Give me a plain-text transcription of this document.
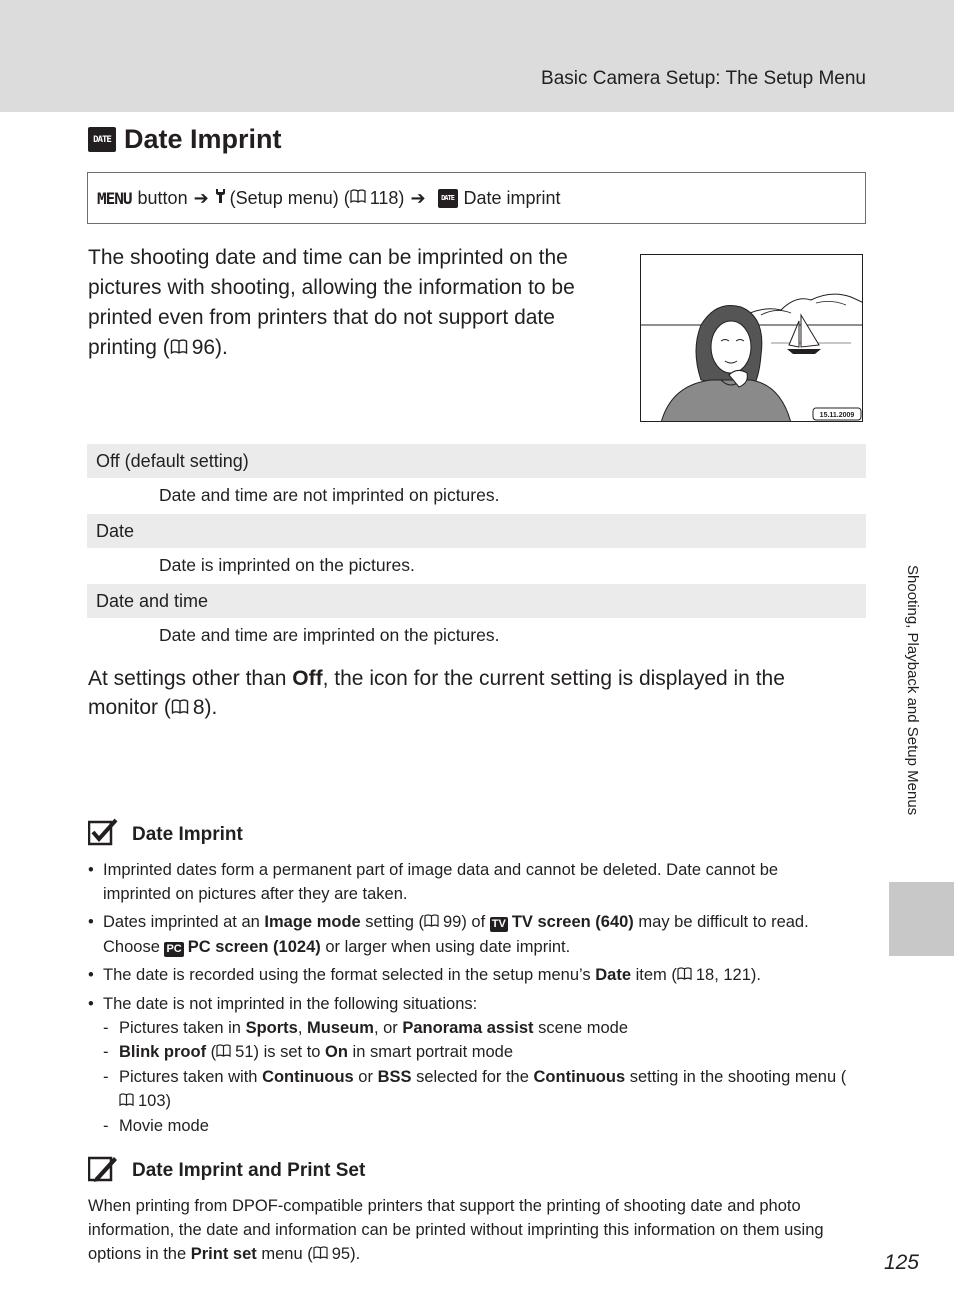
Basic Camera Setup: The Setup Menu
Shooting, Playback and Setup Menus
DATE Date Imprint
MENU button ➔ (Setup menu) ( 118) ➔	DATE Date imprint
The shooting date and time can be imprinted on the pictures with shooting, allowing the information to be printed even from printers that do not support date printing ( 96).
15.11.2009
Off (default setting)
Date and time are not imprinted on pictures.
Date
Date is imprinted on the pictures.
Date and time
Date and time are imprinted on the pictures.
At settings other than Off, the icon for the current setting is displayed in the monitor ( 8).
Date Imprint
• Imprinted dates form a permanent part of image data and cannot be deleted. Date cannot be imprinted on pictures after they are taken.
• Dates imprinted at an Image mode setting ( 99) of TV TV screen (640) may be difficult to read. Choose PC PC screen (1024) or larger when using date imprint.
• The date is recorded using the format selected in the setup menu’s Date item ( 18, 121).
• The date is not imprinted in the following situations:
- Pictures taken in Sports, Museum, or Panorama assist scene mode
- Blink proof ( 51) is set to On in smart portrait mode
- Pictures taken with Continuous or BSS selected for the Continuous setting in the shooting menu (103)
- Movie mode
Date Imprint and Print Set
When printing from DPOF-compatible printers that support the printing of shooting date and photo information, the date and information can be printed without imprinting this information on them using options in the Print set menu ( 95).	125
